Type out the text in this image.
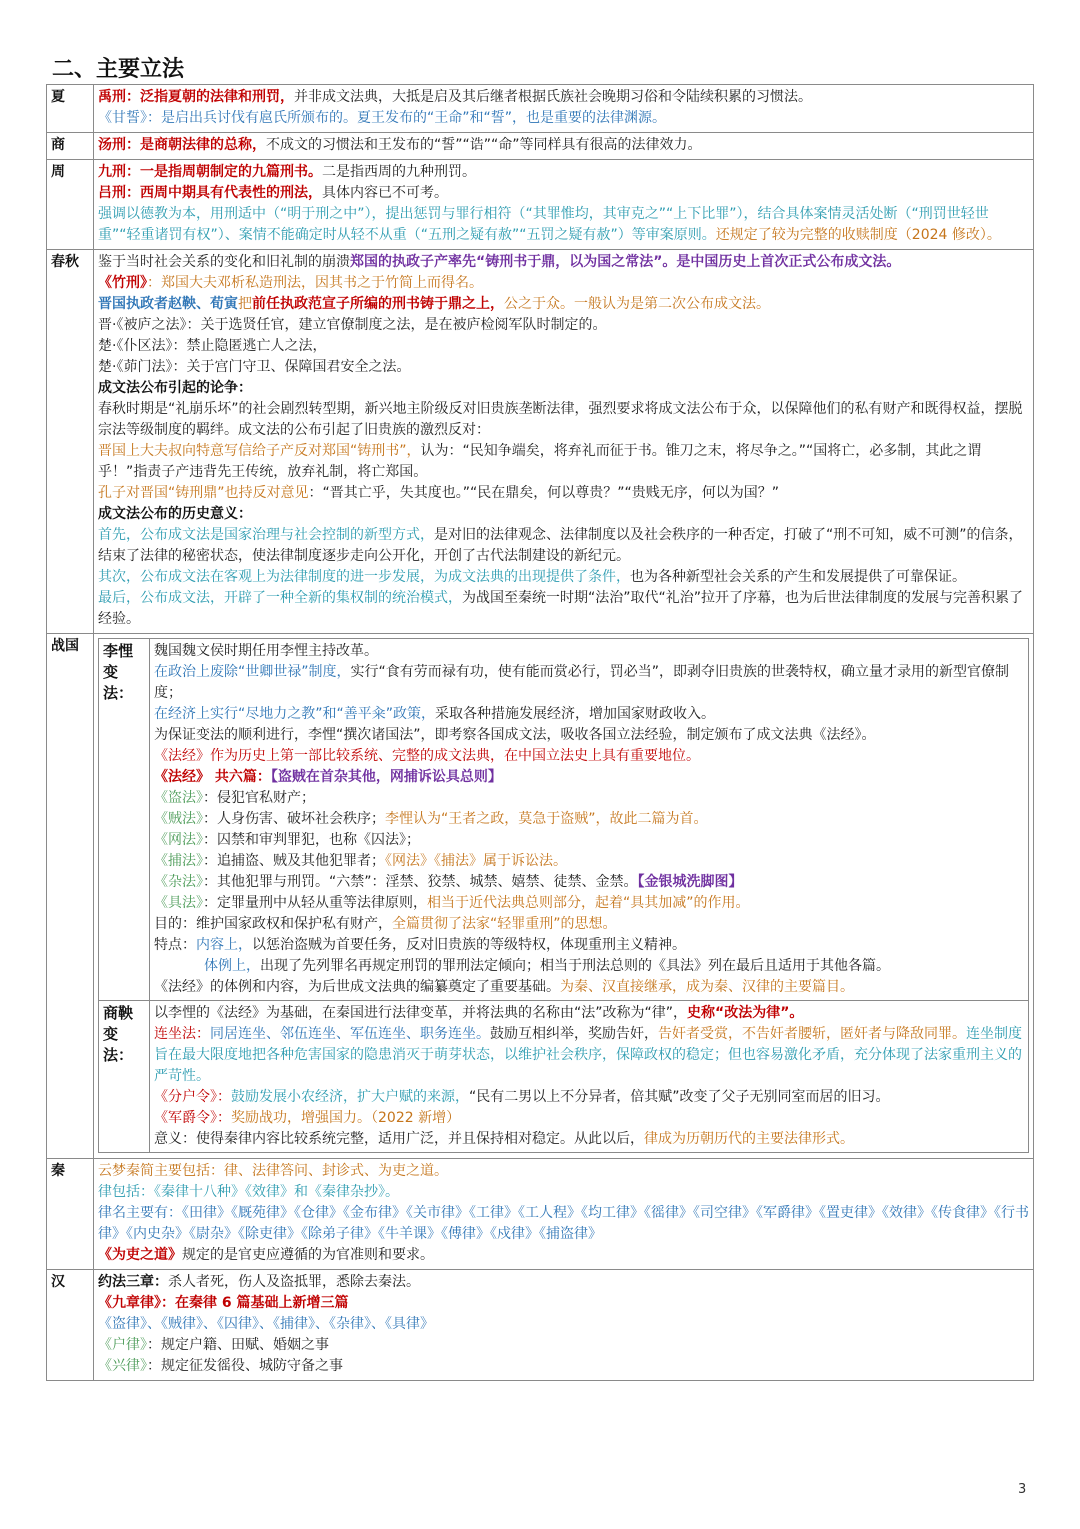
二、主要立法
夏	禹刑：泛指夏朝的法律和刑罚，并非成文法典，大抵是启及其后继者根据氏族社会晚期习俗和令陆续积累的习惯法。
《甘誓》：是启出兵讨伐有扈氏所颁布的。夏王发布的“王命”和“誓”，也是重要的法律渊源。

商	汤刑：是商朝法律的总称，不成文的习惯法和王发布的“誓”“诰”“命”等同样具有很高的法律效力。

周	九刑：一是指周朝制定的九篇刑书。二是指西周的九种刑罚。
吕刑：西周中期具有代表性的刑法，具体内容已不可考。
强调以德教为本，用刑适中（“明于刑之中”），提出惩罚与罪行相符（“其罪惟均，其审克之”“上下比罪”），结合具体案情灵活处断（“刑罚世轻世重”“轻重诸罚有权”）、案情不能确定时从轻不从重（“五刑之疑有赦”“五罚之疑有赦”）等审案原则。还规定了较为完整的收赎制度（2024 修改）。

春秋	鉴于当时社会关系的变化和旧礼制的崩溃郑国的执政子产率先“铸刑书于鼎，以为国之常法”。是中国历史上首次正式公布成文法。
《竹刑》：郑国大夫邓析私造刑法，因其书之于竹简上而得名。
晋国执政者赵鞅、荀寅把前任执政范宣子所编的刑书铸于鼎之上，公之于众。一般认为是第二次公布成文法。
晋·《被庐之法》：关于选贤任官，建立官僚制度之法，是在被庐检阅军队时制定的。
楚·《仆区法》：禁止隐匿逃亡人之法，
楚·《茆门法》：关于宫门守卫、保障国君安全之法。
成文法公布引起的论争：
春秋时期是“礼崩乐坏”的社会剧烈转型期，新兴地主阶级反对旧贵族垄断法律，强烈要求将成文法公布于众，以保障他们的私有财产和既得权益，摆脱宗法等级制度的羁绊。成文法的公布引起了旧贵族的激烈反对：
晋国上大夫叔向特意写信给子产反对郑国“铸刑书”，认为：“民知争端矣，将弃礼而征于书。锥刀之末，将尽争之。”“国将亡，必多制，其此之谓乎！”指责子产违背先王传统，放弃礼制，将亡郑国。
孔子对晋国“铸刑鼎”也持反对意见：“晋其亡乎，失其度也。”“民在鼎矣，何以尊贵？”“贵贱无序，何以为国？”
成文法公布的历史意义：
首先，公布成文法是国家治理与社会控制的新型方式，是对旧的法律观念、法律制度以及社会秩序的一种否定，打破了“刑不可知，威不可测”的信条，结束了法律的秘密状态，使法律制度逐步走向公开化，开创了古代法制建设的新纪元。
其次，公布成文法在客观上为法律制度的进一步发展，为成文法典的出现提供了条件，也为各种新型社会关系的产生和发展提供了可靠保证。
最后，公布成文法，开辟了一种全新的集权制的统治模式，为战国至秦统一时期“法治”取代“礼治”拉开了序幕，也为后世法律制度的发展与完善积累了经验。

战国	李悝变法：	
魏国魏文侯时期任用李悝主持改革。
在政治上废除“世卿世禄”制度，实行“食有劳而禄有功，使有能而赏必行，罚必当”，即剥夺旧贵族的世袭特权，确立量才录用的新型官僚制度；
在经济上实行“尽地力之教”和“善平籴”政策，采取各种措施发展经济，增加国家财政收入。
为保证变法的顺利进行，李悝“撰次诸国法”，即考察各国成文法，吸收各国立法经验，制定颁布了成文法典《法经》。
《法经》作为历史上第一部比较系统、完整的成文法典，在中国立法史上具有重要地位。
《法经》 共六篇：【盗贼在首杂其他，网捕诉讼具总则】
《盗法》：侵犯官私财产；
《贼法》：人身伤害、破坏社会秩序；李悝认为“王者之政，莫急于盗贼”，故此二篇为首。
《网法》：囚禁和审判罪犯，也称《囚法》；
《捕法》：追捕盗、贼及其他犯罪者；《网法》《捕法》属于诉讼法。
《杂法》：其他犯罪与刑罚。“六禁”：淫禁、狡禁、城禁、嬉禁、徒禁、金禁。【金银城洗脚图】
《具法》：定罪量刑中从轻从重等法律原则，相当于近代法典总则部分，起着“具其加减”的作用。
目的：维护国家政权和保护私有财产，全篇贯彻了法家“轻罪重刑”的思想。
特点：内容上，以惩治盗贼为首要任务，反对旧贵族的等级特权，体现重刑主义精神。
体例上，出现了先列罪名再规定刑罚的罪刑法定倾向；相当于刑法总则的《具法》列在最后且适用于其他各篇。
《法经》的体例和内容，为后世成文法典的编纂奠定了重要基础。为秦、汉直接继承，成为秦、汉律的主要篇目。

商鞅变法：	
以李悝的《法经》为基础，在秦国进行法律变革，并将法典的名称由“法”改称为“律”，史称“改法为律”。
连坐法：同居连坐、邻伍连坐、军伍连坐、职务连坐。鼓励互相纠举，奖励告奸，告奸者受赏，不告奸者腰斩，匿奸者与降敌同罪。连坐制度旨在最大限度地把各种危害国家的隐患消灭于萌芽状态，以维护社会秩序，保障政权的稳定；但也容易激化矛盾，充分体现了法家重刑主义的严苛性。
《分户令》：鼓励发展小农经济，扩大户赋的来源，“民有二男以上不分异者，倍其赋”改变了父子无别同室而居的旧习。
《军爵令》：奖励战功，增强国力。（2022 新增）
意义：使得秦律内容比较系统完整，适用广泛，并且保持相对稳定。从此以后，律成为历朝历代的主要法律形式。

秦	云梦秦简主要包括：律、法律答问、封诊式、为吏之道。
律包括：《秦律十八种》《效律》和《秦律杂抄》。
律名主要有：《田律》《厩苑律》《仓律》《金布律》《关市律》《工律》《工人程》《均工律》《徭律》《司空律》《军爵律》《置吏律》《效律》《传食律》《行书律》《内史杂》《尉杂》《除吏律》《除弟子律》《牛羊课》《傅律》《戍律》《捕盗律》
《为吏之道》规定的是官吏应遵循的为官准则和要求。

汉	约法三章：杀人者死，伤人及盗抵罪，悉除去秦法。
《九章律》：在秦律 6 篇基础上新增三篇
《盗律》、《贼律》、《囚律》、《捕律》、《杂律》、《具律》
《户律》：规定户籍、田赋、婚姻之事
《兴律》：规定征发徭役、城防守备之事
3
